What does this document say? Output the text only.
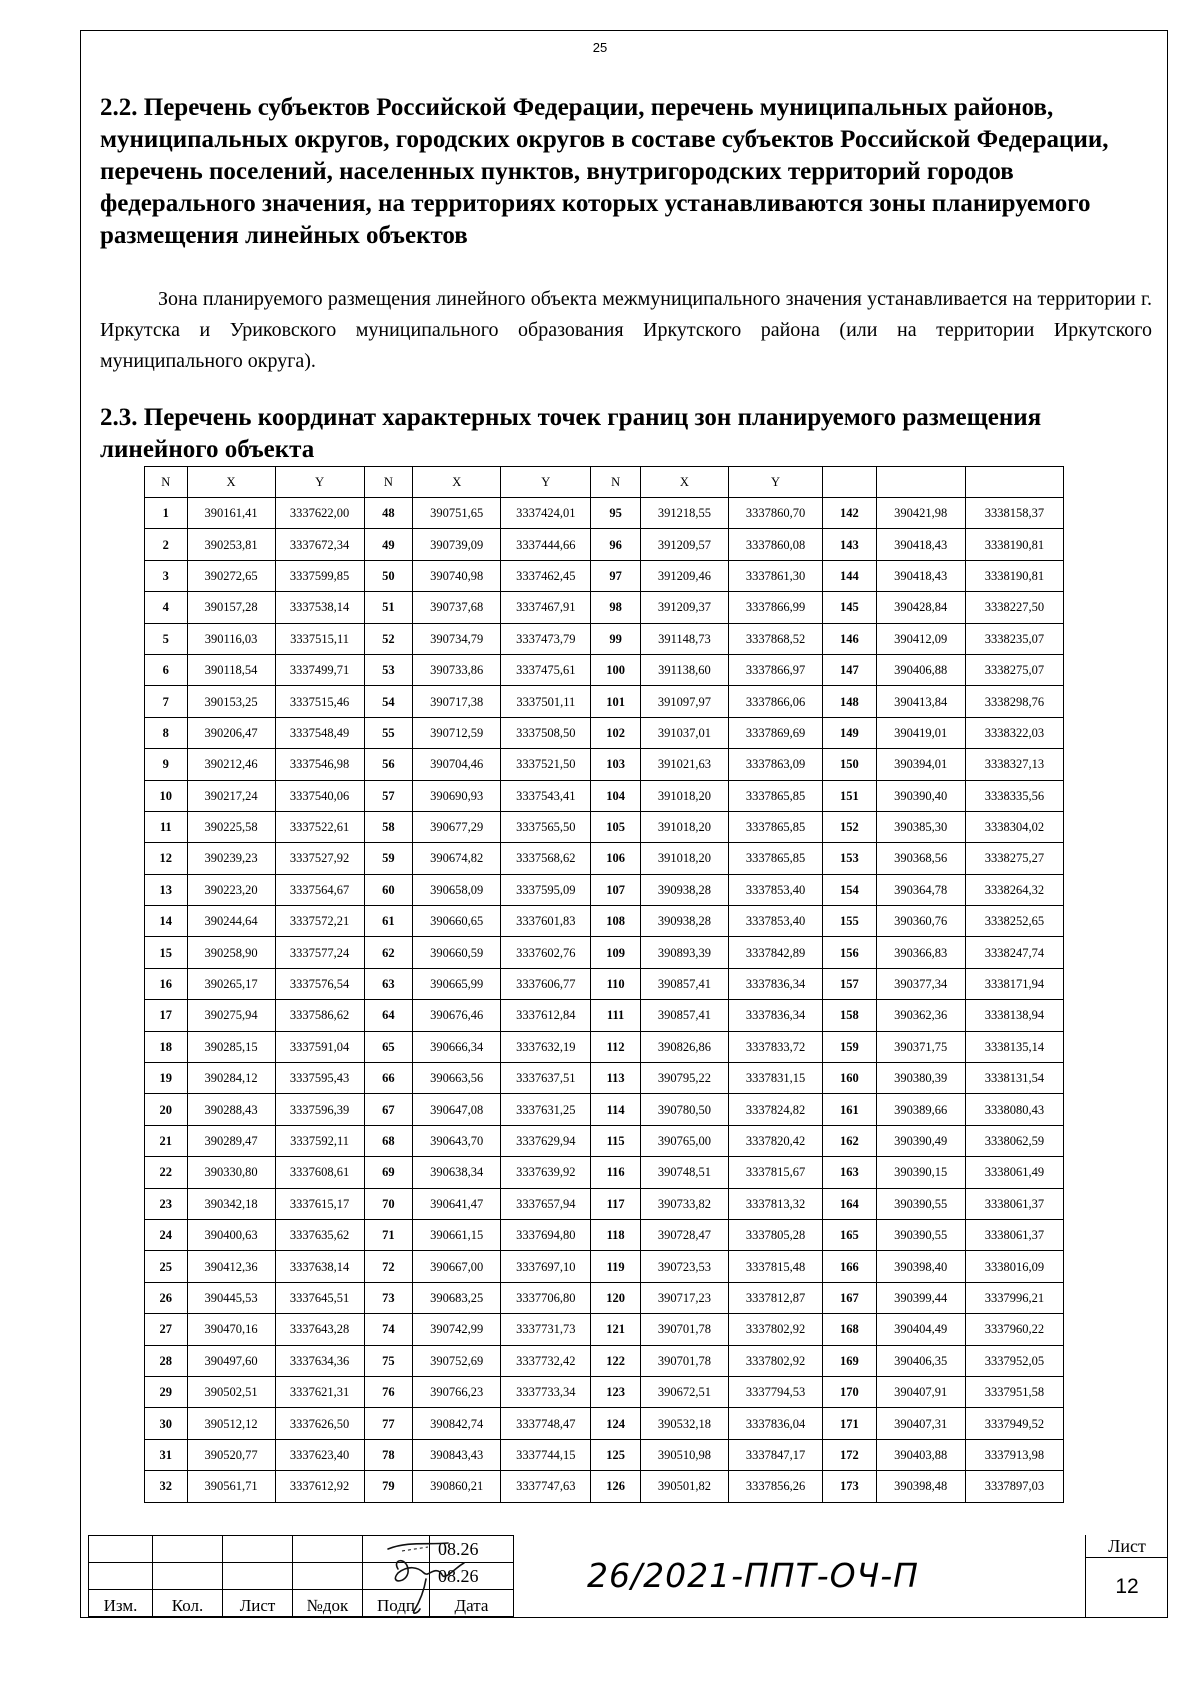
25
2.2. Перечень субъектов Российской Федерации, перечень муниципальных районов, муниципальных округов, городских округов в составе субъектов Российской Федерации, перечень поселений, населенных пунктов, внутригородских территорий городов федерального значения, на территориях которых устанавливаются зоны планируемого размещения линейных объектов
Зона планируемого размещения линейного объекта межмуниципального значения устанавливается на территории г. Иркутска и Уриковского муниципального образования Иркутского района (или на территории Иркутского муниципального округа).
2.3. Перечень координат характерных точек границ зон планируемого размещения линейного объекта
N	X	Y	N	X	Y	N	X	Y			
1	390161,41	3337622,00	48	390751,65	3337424,01	95	391218,55	3337860,70	142	390421,98	3338158,37
2	390253,81	3337672,34	49	390739,09	3337444,66	96	391209,57	3337860,08	143	390418,43	3338190,81
3	390272,65	3337599,85	50	390740,98	3337462,45	97	391209,46	3337861,30	144	390418,43	3338190,81
4	390157,28	3337538,14	51	390737,68	3337467,91	98	391209,37	3337866,99	145	390428,84	3338227,50
5	390116,03	3337515,11	52	390734,79	3337473,79	99	391148,73	3337868,52	146	390412,09	3338235,07
6	390118,54	3337499,71	53	390733,86	3337475,61	100	391138,60	3337866,97	147	390406,88	3338275,07
7	390153,25	3337515,46	54	390717,38	3337501,11	101	391097,97	3337866,06	148	390413,84	3338298,76
8	390206,47	3337548,49	55	390712,59	3337508,50	102	391037,01	3337869,69	149	390419,01	3338322,03
9	390212,46	3337546,98	56	390704,46	3337521,50	103	391021,63	3337863,09	150	390394,01	3338327,13
10	390217,24	3337540,06	57	390690,93	3337543,41	104	391018,20	3337865,85	151	390390,40	3338335,56
11	390225,58	3337522,61	58	390677,29	3337565,50	105	391018,20	3337865,85	152	390385,30	3338304,02
12	390239,23	3337527,92	59	390674,82	3337568,62	106	391018,20	3337865,85	153	390368,56	3338275,27
13	390223,20	3337564,67	60	390658,09	3337595,09	107	390938,28	3337853,40	154	390364,78	3338264,32
14	390244,64	3337572,21	61	390660,65	3337601,83	108	390938,28	3337853,40	155	390360,76	3338252,65
15	390258,90	3337577,24	62	390660,59	3337602,76	109	390893,39	3337842,89	156	390366,83	3338247,74
16	390265,17	3337576,54	63	390665,99	3337606,77	110	390857,41	3337836,34	157	390377,34	3338171,94
17	390275,94	3337586,62	64	390676,46	3337612,84	111	390857,41	3337836,34	158	390362,36	3338138,94
18	390285,15	3337591,04	65	390666,34	3337632,19	112	390826,86	3337833,72	159	390371,75	3338135,14
19	390284,12	3337595,43	66	390663,56	3337637,51	113	390795,22	3337831,15	160	390380,39	3338131,54
20	390288,43	3337596,39	67	390647,08	3337631,25	114	390780,50	3337824,82	161	390389,66	3338080,43
21	390289,47	3337592,11	68	390643,70	3337629,94	115	390765,00	3337820,42	162	390390,49	3338062,59
22	390330,80	3337608,61	69	390638,34	3337639,92	116	390748,51	3337815,67	163	390390,15	3338061,49
23	390342,18	3337615,17	70	390641,47	3337657,94	117	390733,82	3337813,32	164	390390,55	3338061,37
24	390400,63	3337635,62	71	390661,15	3337694,80	118	390728,47	3337805,28	165	390390,55	3338061,37
25	390412,36	3337638,14	72	390667,00	3337697,10	119	390723,53	3337815,48	166	390398,40	3338016,09
26	390445,53	3337645,51	73	390683,25	3337706,80	120	390717,23	3337812,87	167	390399,44	3337996,21
27	390470,16	3337643,28	74	390742,99	3337731,73	121	390701,78	3337802,92	168	390404,49	3337960,22
28	390497,60	3337634,36	75	390752,69	3337732,42	122	390701,78	3337802,92	169	390406,35	3337952,05
29	390502,51	3337621,31	76	390766,23	3337733,34	123	390672,51	3337794,53	170	390407,91	3337951,58
30	390512,12	3337626,50	77	390842,74	3337748,47	124	390532,18	3337836,04	171	390407,31	3337949,52
31	390520,77	3337623,40	78	390843,43	3337744,15	125	390510,98	3337847,17	172	390403,88	3337913,98
32	390561,71	3337612,92	79	390860,21	3337747,63	126	390501,82	3337856,26	173	390398,48	3337897,03
					08.26
					08.26
Изм.	Кол.	Лист	№док	Подп	Дата
26/2021-ППТ-ОЧ-П
Лист
12
